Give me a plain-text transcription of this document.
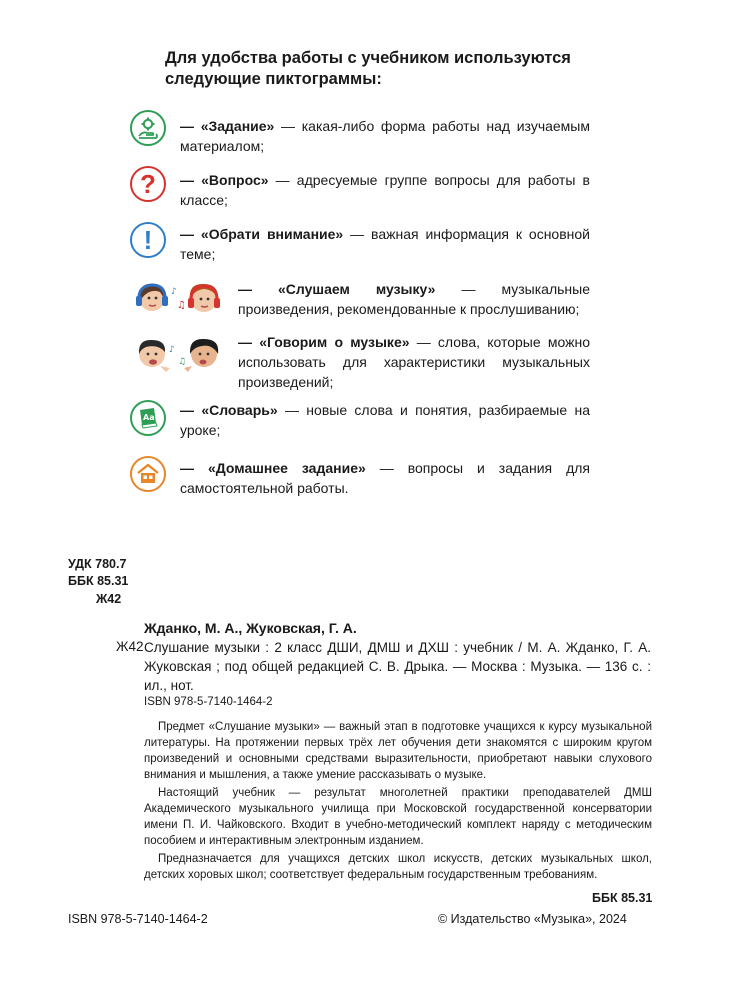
Для удобства работы с учебником используются следующие пиктограммы:
— «Задание» — какая-либо форма работы над изучаемым материалом;
? — «Вопрос» — адресуемые группе вопросы для работы в классе;
! — «Обрати внимание» — важная информация к основной теме;
♪
♫
— «Слушаем музыку» — музыкальные произведения, рекомендованные к прослушиванию;
♪
♫
— «Говорим о музыке» — слова, которые можно использовать для характеристики музыкальных произведений;
Aa — «Словарь» — новые слова и понятия, разбираемые на уроке;
— «Домашнее задание» — вопросы и задания для самостоятельной работы.
УДК 780.7
ББК 85.31
Ж42
Жданко, М. А., Жуковская, Г. А.
Ж42 Слушание музыки : 2 класс ДШИ, ДМШ и ДХШ : учебник / М. А. Жданко, Г. А. Жуковская ; под общей редакцией С. В. Дрыка. — Москва : Музыка. — 136 с. : ил., нот.
ISBN 978-5-7140-1464-2

Предмет «Слушание музыки» — важный этап в подготовке учащихся к курсу музыкальной литературы. На протяжении первых трёх лет обучения дети знакомятся с широким кругом произведений и основными средствами выразительности, приобретают навыки слухового внимания и мышления, а также умение рассказывать о музыке.

Настоящий учебник — результат многолетней практики преподавателей ДМШ Академического музыкального училища при Московской государственной консерватории имени П. И. Чайковского. Входит в учебно-методический комплект наряду с методическим пособием и интерактивным электронным изданием.

Предназначается для учащихся детских школ искусств, детских музыкальных школ, детских хоровых школ; соответствует федеральным государственным требованиям.

ББК 85.31
ISBN 978-5-7140-1464-2	© Издательство «Музыка», 2024
